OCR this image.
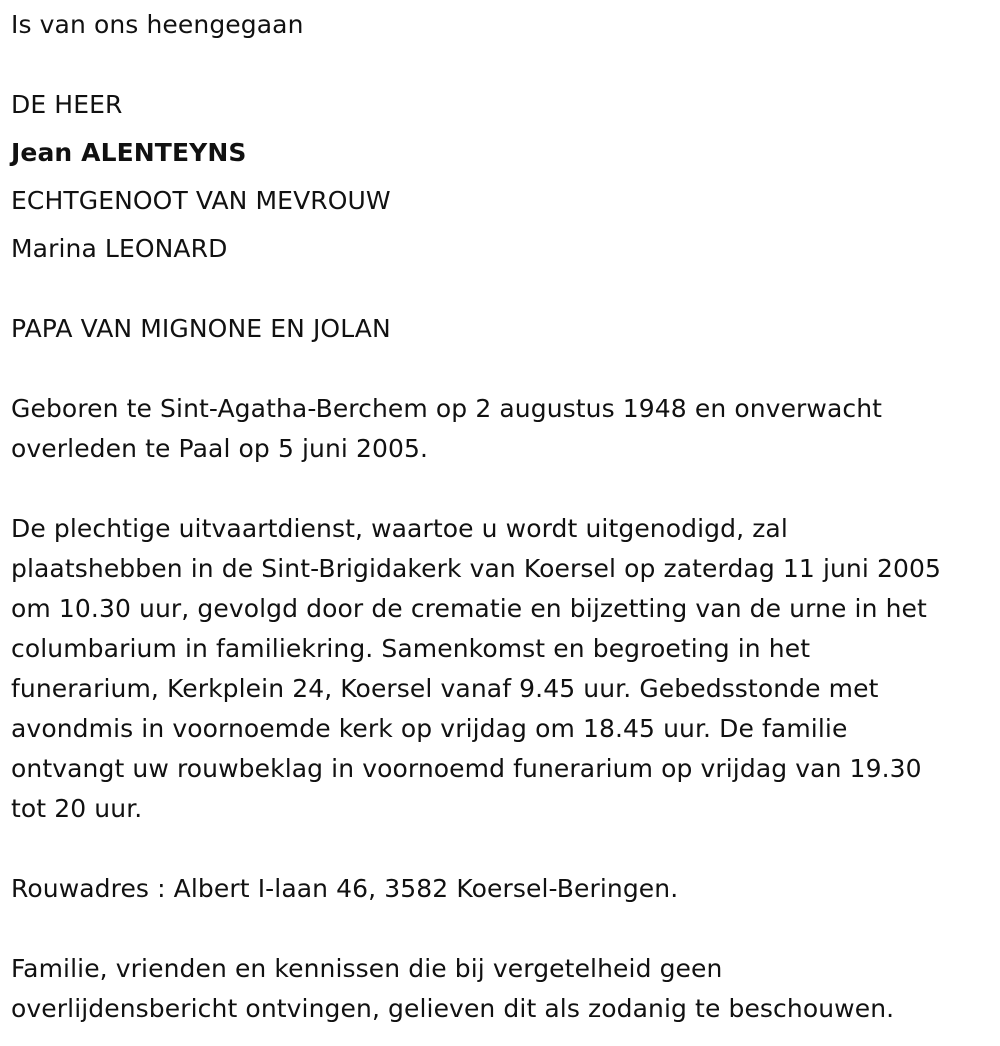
Is van ons heengegaan
DE HEER
Jean ALENTEYNS
ECHTGENOOT VAN MEVROUW
Marina LEONARD
PAPA VAN MIGNONE EN JOLAN
Geboren te Sint-Agatha-Berchem op 2 augustus 1948 en onverwacht
overleden te Paal op 5 juni 2005.
De plechtige uitvaartdienst, waartoe u wordt uitgenodigd, zal
plaatshebben in de Sint-Brigidakerk van Koersel op zaterdag 11 juni 2005
om 10.30 uur, gevolgd door de crematie en bijzetting van de urne in het
columbarium in familiekring. Samenkomst en begroeting in het
funerarium, Kerkplein 24, Koersel vanaf 9.45 uur. Gebedsstonde met
avondmis in voornoemde kerk op vrijdag om 18.45 uur. De familie
ontvangt uw rouwbeklag in voornoemd funerarium op vrijdag van 19.30
tot 20 uur.
Rouwadres : Albert I-laan 46, 3582 Koersel-Beringen.
Familie, vrienden en kennissen die bij vergetelheid geen
overlijdensbericht ontvingen, gelieven dit als zodanig te beschouwen.
